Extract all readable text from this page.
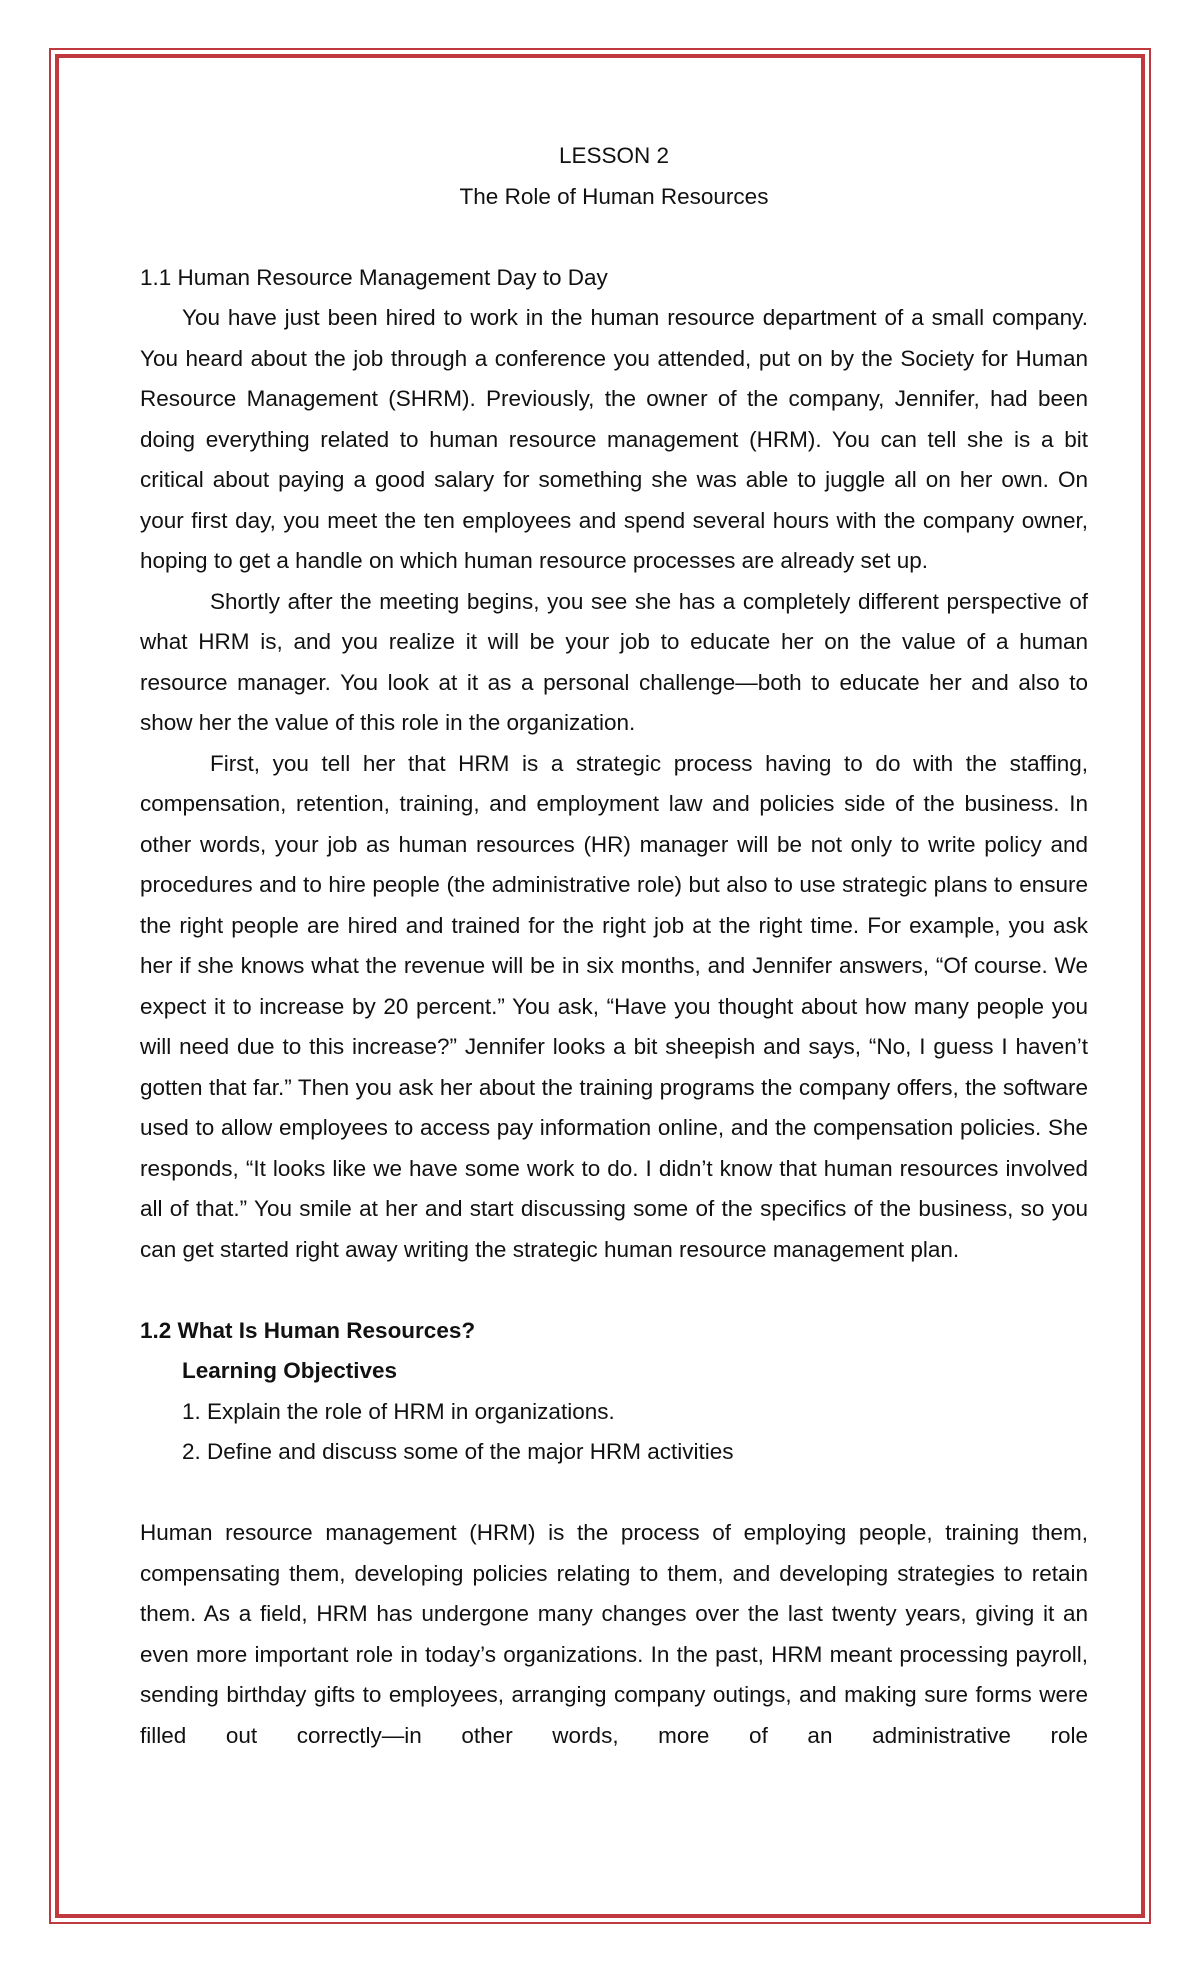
LESSON 2
The Role of Human Resources

1.1 Human Resource Management Day to Day

You have just been hired to work in the human resource department of a small company. You heard about the job through a conference you attended, put on by the Society for Human Resource Management (SHRM). Previously, the owner of the company, Jennifer, had been doing everything related to human resource management (HRM). You can tell she is a bit critical about paying a good salary for something she was able to juggle all on her own. On your first day, you meet the ten employees and spend several hours with the company owner, hoping to get a handle on which human resource processes are already set up.

Shortly after the meeting begins, you see she has a completely different perspective of what HRM is, and you realize it will be your job to educate her on the value of a human resource manager. You look at it as a personal challenge—both to educate her and also to show her the value of this role in the organization.

First, you tell her that HRM is a strategic process having to do with the staffing, compensation, retention, training, and employment law and policies side of the business. In other words, your job as human resources (HR) manager will be not only to write policy and procedures and to hire people (the administrative role) but also to use strategic plans to ensure the right people are hired and trained for the right job at the right time. For example, you ask her if she knows what the revenue will be in six months, and Jennifer answers, “Of course. We expect it to increase by 20 percent.” You ask, “Have you thought about how many people you will need due to this increase?” Jennifer looks a bit sheepish and says, “No, I guess I haven’t gotten that far.” Then you ask her about the training programs the company offers, the software used to allow employees to access pay information online, and the compensation policies. She responds, “It looks like we have some work to do. I didn’t know that human resources involved all of that.” You smile at her and start discussing some of the specifics of the business, so you can get started right away writing the strategic human resource management plan.

1.2 What Is Human Resources?

Learning Objectives

1. Explain the role of HRM in organizations.

2. Define and discuss some of the major HRM activities

Human resource management (HRM) is the process of employing people, training them, compensating them, developing policies relating to them, and developing strategies to retain them. As a field, HRM has undergone many changes over the last twenty years, giving it an even more important role in today’s organizations. In the past, HRM meant processing payroll, sending birthday gifts to employees, arranging company outings, and making sure forms were filled out correctly—in other words, more of an administrative role
